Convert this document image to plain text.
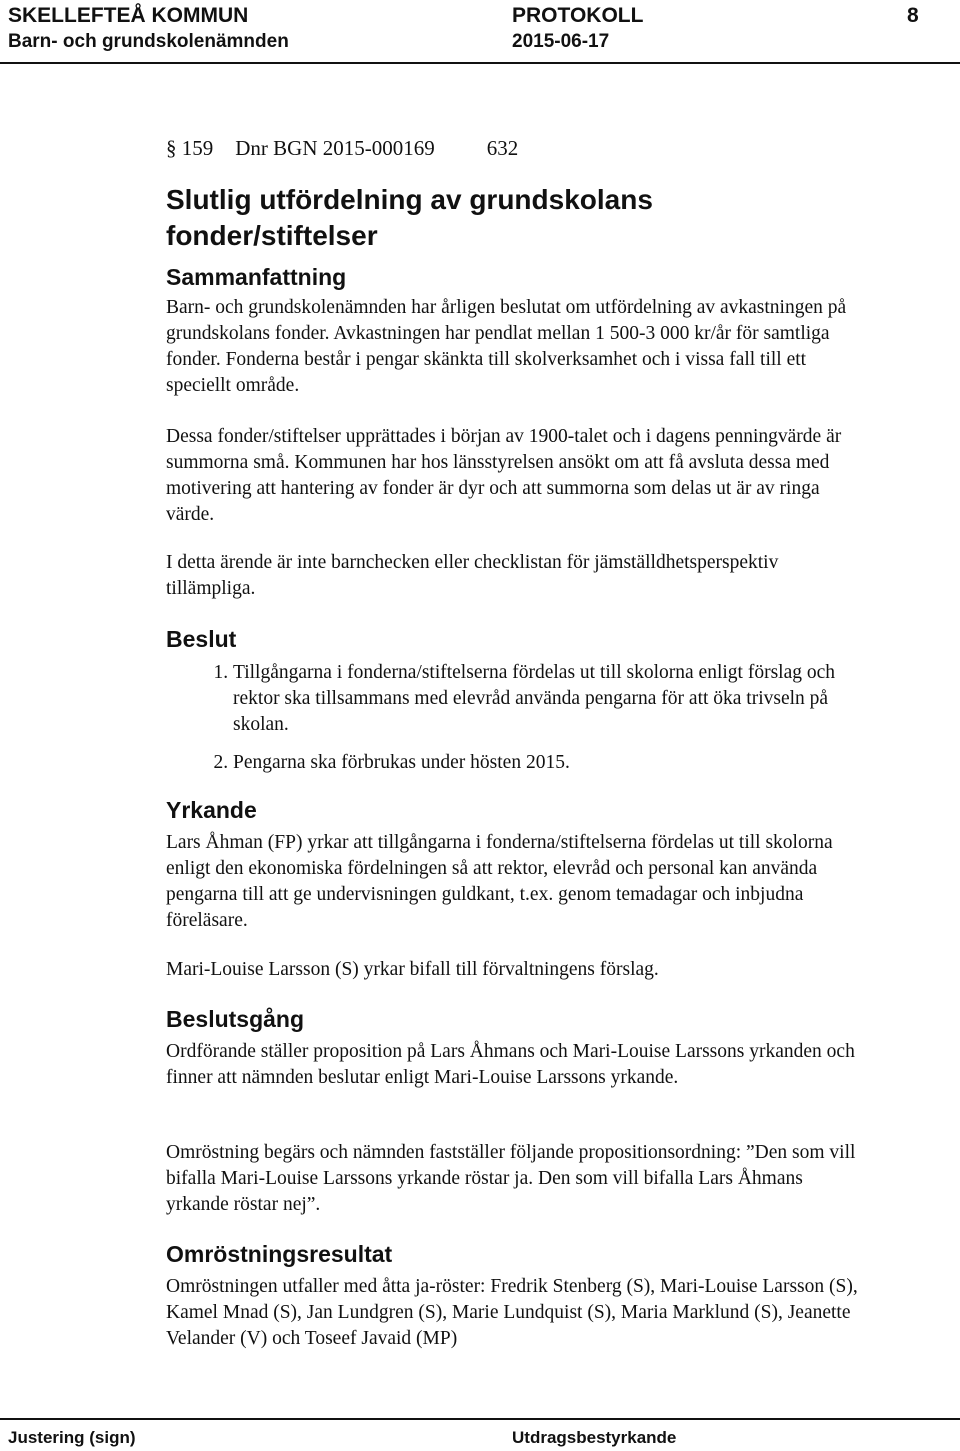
SKELLEFTEÅ KOMMUN
Barn- och grundskolenämnden
PROTOKOLL
2015-06-17
8
§ 159 Dnr BGN 2015-000169 632
Slutlig utfördelning av grundskolans fonder/stiftelser
Sammanfattning
Barn- och grundskolenämnden har årligen beslutat om utfördelning av avkastningen på grundskolans fonder. Avkastningen har pendlat mellan 1 500-3 000 kr/år för samtliga fonder. Fonderna består i pengar skänkta till skolverksamhet och i vissa fall till ett speciellt område.
Dessa fonder/stiftelser upprättades i början av 1900-talet och i dagens penningvärde är summorna små. Kommunen har hos länsstyrelsen ansökt om att få avsluta dessa med motivering att hantering av fonder är dyr och att summorna som delas ut är av ringa värde.
I detta ärende är inte barnchecken eller checklistan för jämställdhetsperspektiv tillämpliga.
Beslut
1. Tillgångarna i fonderna/stiftelserna fördelas ut till skolorna enligt förslag och rektor ska tillsammans med elevråd använda pengarna för att öka trivseln på skolan.
2. Pengarna ska förbrukas under hösten 2015.
Yrkande
Lars Åhman (FP) yrkar att tillgångarna i fonderna/stiftelserna fördelas ut till skolorna enligt den ekonomiska fördelningen så att rektor, elevråd och personal kan använda pengarna till att ge undervisningen guldkant, t.ex. genom temadagar och inbjudna föreläsare.
Mari-Louise Larsson (S) yrkar bifall till förvaltningens förslag.
Beslutsgång
Ordförande ställer proposition på Lars Åhmans och Mari-Louise Larssons yrkanden och finner att nämnden beslutar enligt Mari-Louise Larssons yrkande.
Omröstning begärs och nämnden fastställer följande propositionsordning: ”Den som vill bifalla Mari-Louise Larssons yrkande röstar ja. Den som vill bifalla Lars Åhmans yrkande röstar nej”.
Omröstningsresultat
Omröstningen utfaller med åtta ja-röster: Fredrik Stenberg (S), Mari-Louise Larsson (S), Kamel Mnad (S), Jan Lundgren (S), Marie Lundquist (S), Maria Marklund (S), Jeanette Velander (V) och Toseef Javaid (MP)
Justering (sign)	Utdragsbestyrkande
